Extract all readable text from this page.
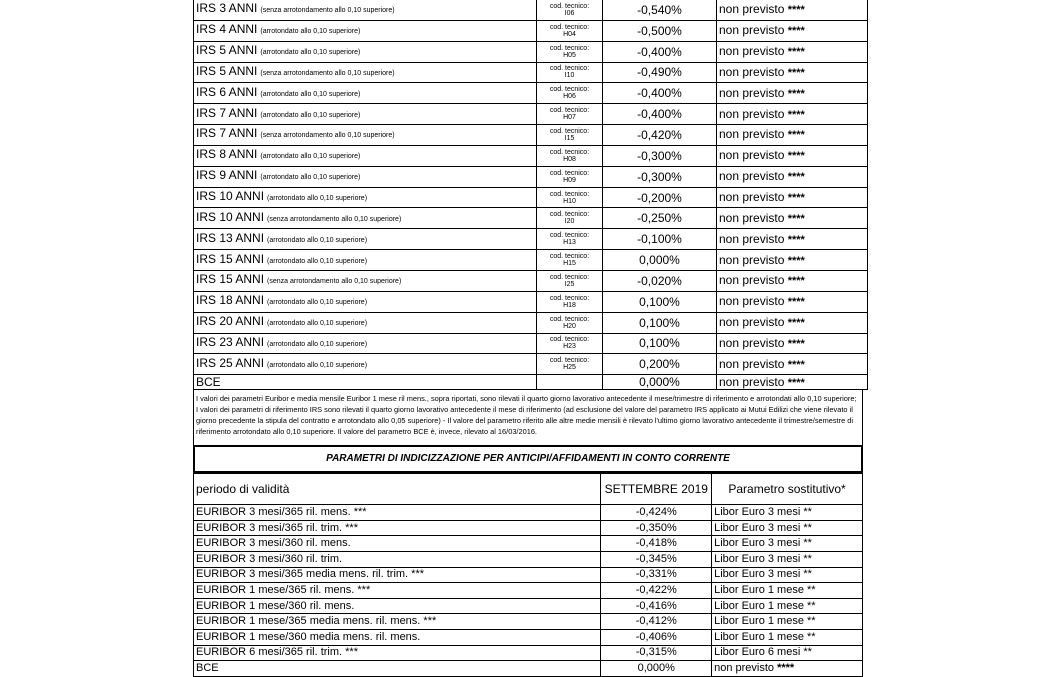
IRS 3 ANNI (senza arrotondamento allo 0,10 superiore)	cod. tecnico:
I06	-0,540%	non previsto ****
IRS 4 ANNI (arrotondato allo 0,10 superiore)	cod. tecnico:
H04	-0,500%	non previsto ****
IRS 5 ANNI (arrotondato allo 0,10 superiore)	cod. tecnico:
H05	-0,400%	non previsto ****
IRS 5 ANNI (senza arrotondamento allo 0,10 superiore)	cod. tecnico:
I10	-0,490%	non previsto ****
IRS 6 ANNI (arrotondato allo 0,10 superiore)	cod. tecnico:
H06	-0,400%	non previsto ****
IRS 7 ANNI (arrotondato allo 0,10 superiore)	cod. tecnico:
H07	-0,400%	non previsto ****
IRS 7 ANNI (senza arrotondamento allo 0,10 superiore)	cod. tecnico:
I15	-0,420%	non previsto ****
IRS 8 ANNI (arrotondato allo 0,10 superiore)	cod. tecnico:
H08	-0,300%	non previsto ****
IRS 9 ANNI (arrotondato allo 0,10 superiore)	cod. tecnico:
H09	-0,300%	non previsto ****
IRS 10 ANNI (arrotondato allo 0,10 superiore)	cod. tecnico:
H10	-0,200%	non previsto ****
IRS 10 ANNI (senza arrotondamento allo 0,10 superiore)	cod. tecnico:
I20	-0,250%	non previsto ****
IRS 13 ANNI (arrotondato allo 0,10 superiore)	cod. tecnico:
H13	-0,100%	non previsto ****
IRS 15 ANNI (arrotondato allo 0,10 superiore)	cod. tecnico:
H15	0,000%	non previsto ****
IRS 15 ANNI (senza arrotondamento allo 0,10 superiore)	cod. tecnico:
I25	-0,020%	non previsto ****
IRS 18 ANNI (arrotondato allo 0,10 superiore)	cod. tecnico:
H18	0,100%	non previsto ****
IRS 20 ANNI (arrotondato allo 0,10 superiore)	cod. tecnico:
H20	0,100%	non previsto ****
IRS 23 ANNI (arrotondato allo 0,10 superiore)	cod. tecnico:
H23	0,100%	non previsto ****
IRS 25 ANNI (arrotondato allo 0,10 superiore)	cod. tecnico:
H25	0,200%	non previsto ****
BCE		0,000%	non previsto ****
I valori dei parametri Euribor e media mensile Euribor 1 mese ril mens., sopra riportati, sono rilevati il quarto giorno lavorativo antecedente il mese/trimestre di riferimento e arrotondati allo 0,10 superiore; I valori dei parametri di riferimento IRS sono rilevati il quarto giorno lavorativo antecedente il mese di riferimento (ad esclusione del valore del parametro IRS applicato ai Mutui Edilizi che viene rilevato il giorno precedente la stipula del contratto e arrotondato allo 0,05 superiore) - Il valore del parametro riferito alle altre medie mensili è rilevato l'ultimo giorno lavorativo antecedente il trimestre/semestre di riferimento arrotondato allo 0,10 superiore. Il valore del parametro BCE è, invece, rilevato al 16/03/2016.
PARAMETRI DI INDICIZZAZIONE PER ANTICIPI/AFFIDAMENTI IN CONTO CORRENTE
periodo di validità	SETTEMBRE 2019	Parametro sostitutivo*
EURIBOR 3 mesi/365 ril. mens. ***	-0,424%	Libor Euro 3 mesi **
EURIBOR 3 mesi/365 ril. trim. ***	-0,350%	Libor Euro 3 mesi **
EURIBOR 3 mesi/360 ril. mens.	-0,418%	Libor Euro 3 mesi **
EURIBOR 3 mesi/360 ril. trim.	-0,345%	Libor Euro 3 mesi **
EURIBOR 3 mesi/365 media mens. ril. trim. ***	-0,331%	Libor Euro 3 mesi **
EURIBOR 1 mese/365 ril. mens. ***	-0,422%	Libor Euro 1 mese **
EURIBOR 1 mese/360 ril. mens.	-0,416%	Libor Euro 1 mese **
EURIBOR 1 mese/365 media mens. ril. mens. ***	-0,412%	Libor Euro 1 mese **
EURIBOR 1 mese/360 media mens. ril. mens.	-0,406%	Libor Euro 1 mese **
EURIBOR 6 mesi/365 ril. trim. ***	-0,315%	Libor Euro 6 mesi **
BCE	0,000%	non previsto ****
